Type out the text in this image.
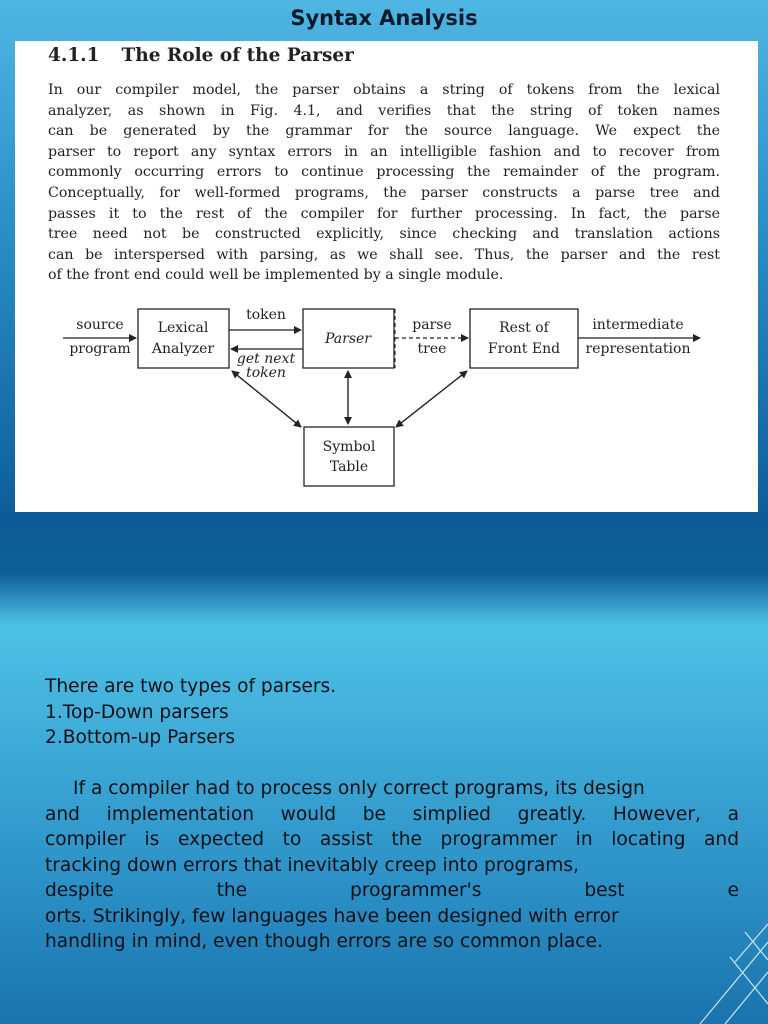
Syntax Analysis
4.1.1 The Role of the Parser
In our compiler model, the parser obtains a string of tokens from the lexical
analyzer, as shown in Fig. 4.1, and verifies that the string of token names
can be generated by the grammar for the source language. We expect the
parser to report any syntax errors in an intelligible fashion and to recover from
commonly occurring errors to continue processing the remainder of the program.
Conceptually, for well-formed programs, the parser constructs a parse tree and
passes it to the rest of the compiler for further processing. In fact, the parse
tree need not be constructed explicitly, since checking and translation actions
can be interspersed with parsing, as we shall see. Thus, the parser and the rest
of the front end could well be implemented by a single module.
source
program
Lexical
Analyzer
token
get next
token
Parser
parse
tree
Rest of
Front End
intermediate
representation
Symbol
Table
There are two types of parsers.
1.Top-Down parsers
2.Bottom-up Parsers
If a compiler had to process only correct programs, its design
and implementation would be simplied greatly. However, a
compiler is expected to assist the programmer in locating and
tracking down errors that inevitably creep into programs,
despite the programmer's best e
orts. Strikingly, few languages have been designed with error
handling in mind, even though errors are so common place.
